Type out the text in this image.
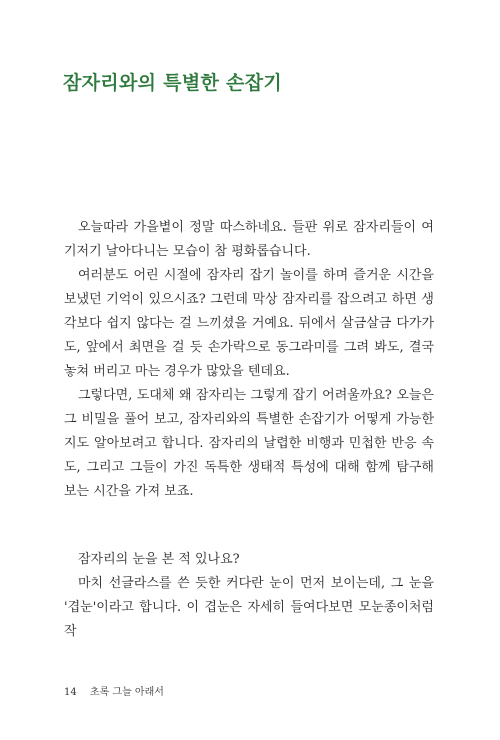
잠자리와의 특별한 손잡기

오늘따라 가을볕이 정말 따스하네요. 들판 위로 잠자리들이 여기저기 날아다니는 모습이 참 평화롭습니다.

여러분도 어린 시절에 잠자리 잡기 놀이를 하며 즐거운 시간을 보냈던 기억이 있으시죠? 그런데 막상 잠자리를 잡으려고 하면 생각보다 쉽지 않다는 걸 느끼셨을 거예요. 뒤에서 살금살금 다가가도, 앞에서 최면을 걸 듯 손가락으로 동그라미를 그려 봐도, 결국 놓쳐 버리고 마는 경우가 많았을 텐데요.

그렇다면, 도대체 왜 잠자리는 그렇게 잡기 어려울까요? 오늘은 그 비밀을 풀어 보고, 잠자리와의 특별한 손잡기가 어떻게 가능한지도 알아보려고 합니다. 잠자리의 날렵한 비행과 민첩한 반응 속도, 그리고 그들이 가진 독특한 생태적 특성에 대해 함께 탐구해 보는 시간을 가져 보죠.

잠자리의 눈을 본 적 있나요?

마치 선글라스를 쓴 듯한 커다란 눈이 먼저 보이는데, 그 눈을 '겹눈'이라고 합니다. 이 겹눈은 자세히 들여다보면 모눈종이처럼 작

14 초록 그늘 아래서
